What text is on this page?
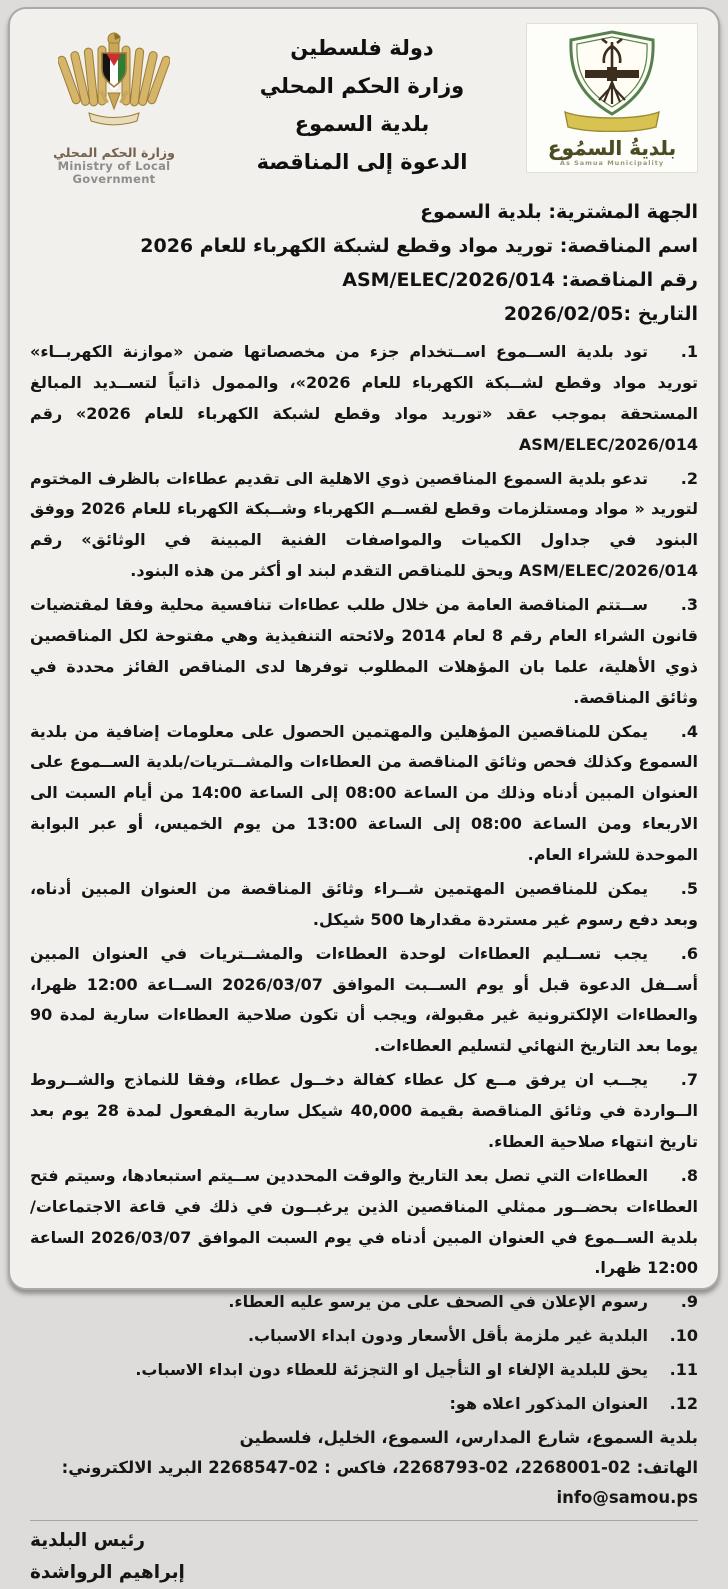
وزارة الحكم المحلي
Ministry of Local
Government
دولة فلسطين
وزارة الحكم المحلي
بلدية السموع
الدعوة إلى المناقصة
بلديةُ السمُوع
As Samua Municipality
الجهة المشترية: بلدية السموع
اسم المناقصة: توريد مواد وقطع لشبكة الكهرباء للعام 2026
رقم المناقصة: ASM/ELEC/2026/014
التاريخ :2026/02/05

1.تود بلدية الســموع اســتخدام جزء من مخصصاتها ضمن «موازنة الكهربــاء» توريد مواد وقطع لشــبكة الكهرباء للعام 2026»، والممول ذاتياً لتســديد المبالغ المستحقة بموجب عقد «توريد مواد وقطع لشبكة الكهرباء للعام 2026» رقم ASM/ELEC/2026/014

2.تدعو بلدية السموع المناقصين ذوي الاهلية الى تقديم عطاءات بالظرف المختوم لتوريد « مواد ومستلزمات وقطع لقســم الكهرباء وشــبكة الكهرباء للعام 2026 ووفق البنود في جداول الكميات والمواصفات الفنية المبينة في الوثائق» رقم ASM/ELEC/2026/014 ويحق للمناقص التقدم لبند او أكثر من هذه البنود.

3.ســتتم المناقصة العامة من خلال طلب عطاءات تنافسية محلية وفقا لمقتضيات قانون الشراء العام رقم 8 لعام 2014 ولائحته التنفيذية وهي مفتوحة لكل المناقصين ذوي الأهلية، علما بان المؤهلات المطلوب توفرها لدى المناقص الفائز محددة في وثائق المناقصة.

4.يمكن للمناقصين المؤهلين والمهتمين الحصول على معلومات إضافية من بلدية السموع وكذلك فحص وثائق المناقصة من العطاءات والمشــتريات/بلدية الســموع على العنوان المبين أدناه وذلك من الساعة 08:00 إلى الساعة 14:00 من أيام السبت الى الاربعاء ومن الساعة 08:00 إلى الساعة 13:00 من يوم الخميس، أو عبر البوابة الموحدة للشراء العام.

5.يمكن للمناقصين المهتمين شــراء وثائق المناقصة من العنوان المبين أدناه، وبعد دفع رسوم غير مستردة مقدارها 500 شيكل.

6.يجب تســليم العطاءات لوحدة العطاءات والمشــتريات في العنوان المبين أســفل الدعوة قبل أو يوم الســبت الموافق 2026/03/07 الســاعة 12:00 ظهرا، والعطاءات الإلكترونية غير مقبولة، ويجب أن تكون صلاحية العطاءات سارية لمدة 90 يوما بعد التاريخ النهائي لتسليم العطاءات.

7.يجــب ان يرفق مــع كل عطاء كفالة دخــول عطاء، وفقا للنماذج والشــروط الــواردة في وثائق المناقصة بقيمة 40,000 شيكل سارية المفعول لمدة 28 يوم بعد تاريخ انتهاء صلاحية العطاء.

8.العطاءات التي تصل بعد التاريخ والوقت المحددين ســيتم استبعادها، وسيتم فتح العطاءات بحضــور ممثلي المناقصين الذين يرغبــون في ذلك في قاعة الاجتماعات/ بلدية الســموع في العنوان المبين أدناه في يوم السبت الموافق 2026/03/07 الساعة 12:00 ظهرا.

9.رسوم الإعلان في الصحف على من يرسو عليه العطاء.

10.البلدية غير ملزمة بأقل الأسعار ودون ابداء الاسباب.

11.يحق للبلدية الإلغاء او التأجيل او التجزئة للعطاء دون ابداء الاسباب.

12.العنوان المذكور اعلاه هو:

بلدية السموع، شارع المدارس، السموع، الخليل، فلسطين
الهاتف: 02-2268001، 02-2268793، فاكس : 02-2268547 البريد الالكتروني: info@samou.ps
رئيس البلدية
إبراهيم الرواشدة
